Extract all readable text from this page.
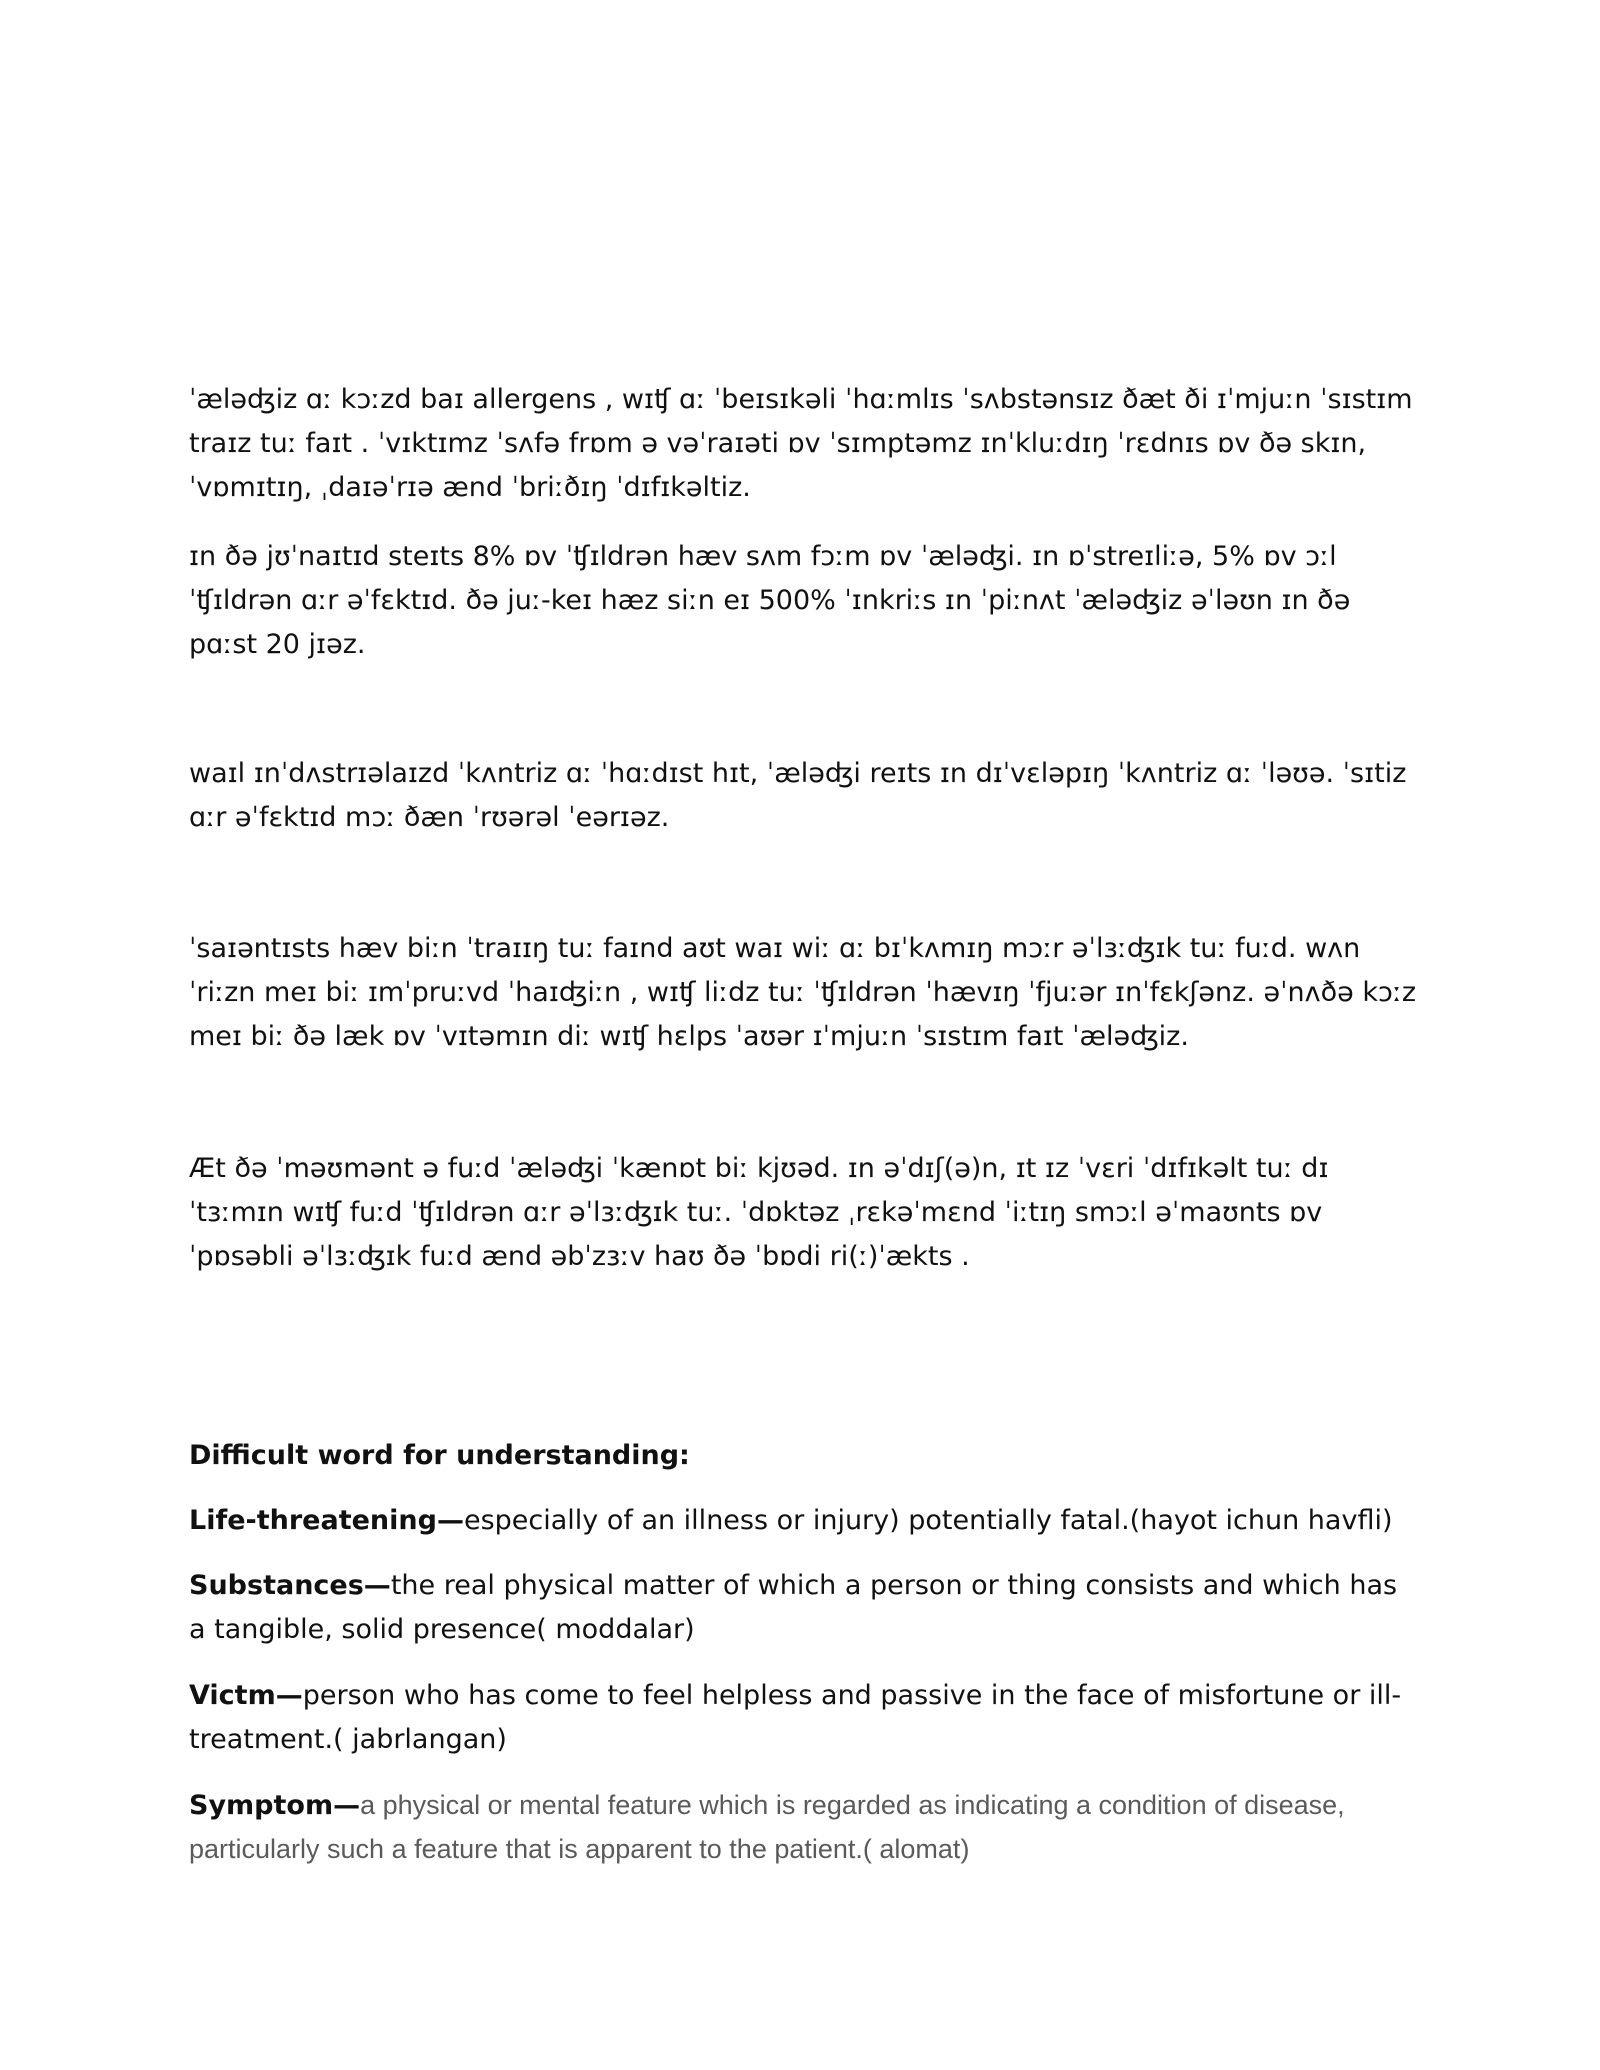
ˈæləʤiz ɑː kɔːzd baɪ allergens , wɪʧ ɑː ˈbeɪsɪkəli ˈhɑːmlɪs ˈsʌbstənsɪz ðæt ði ɪˈmjuːn ˈsɪstɪm traɪz tuː faɪt . ˈvɪktɪmz ˈsʌfə frɒm ə vəˈraɪəti ɒv ˈsɪmptəmz ɪnˈkluːdɪŋ ˈrɛdnɪs ɒv ðə skɪn, ˈvɒmɪtɪŋ, ˌdaɪəˈrɪə ænd ˈbriːðɪŋ ˈdɪfɪkəltiz.

ɪn ðə jʊˈnaɪtɪd steɪts 8% ɒv ˈʧɪldrən hæv sʌm fɔːm ɒv ˈæləʤi. ɪn ɒˈstreɪliːə, 5% ɒv ɔːl ˈʧɪldrən ɑːr əˈfɛktɪd. ðə juː-keɪ hæz siːn eɪ 500% ˈɪnkriːs ɪn ˈpiːnʌt ˈæləʤiz əˈləʊn ɪn ðə pɑːst 20 jɪəz.

waɪl ɪnˈdʌstrɪəlaɪzd ˈkʌntriz ɑː ˈhɑːdɪst hɪt, ˈæləʤi reɪts ɪn dɪˈvɛləpɪŋ ˈkʌntriz ɑː ˈləʊə. ˈsɪtiz ɑːr əˈfɛktɪd mɔː ðæn ˈrʊərəl ˈeərɪəz.

ˈsaɪəntɪsts hæv biːn ˈtraɪɪŋ tuː faɪnd aʊt waɪ wiː ɑː bɪˈkʌmɪŋ mɔːr əˈlɜːʤɪk tuː fuːd. wʌn ˈriːzn meɪ biː ɪmˈpruːvd ˈhaɪʤiːn , wɪʧ liːdz tuː ˈʧɪldrən ˈhævɪŋ ˈfjuːər ɪnˈfɛkʃənz. əˈnʌðə kɔːz meɪ biː ðə læk ɒv ˈvɪtəmɪn diː wɪʧ hɛlps ˈaʊər ɪˈmjuːn ˈsɪstɪm faɪt ˈæləʤiz.

Æt ðə ˈməʊmənt ə fuːd ˈæləʤi ˈkænɒt biː kjʊəd. ɪn əˈdɪʃ(ə)n, ɪt ɪz ˈvɛri ˈdɪfɪkəlt tuː dɪˈtɜːmɪn wɪʧ fuːd ˈʧɪldrən ɑːr əˈlɜːʤɪk tuː. ˈdɒktəz ˌrɛkəˈmɛnd ˈiːtɪŋ smɔːl əˈmaʊnts ɒv ˈpɒsəbli əˈlɜːʤɪk fuːd ænd əbˈzɜːv haʊ ðə ˈbɒdi ri(ː)ˈækts .

Difficult word for understanding:

Life-threatening—especially of an illness or injury) potentially fatal.(hayot ichun havfli)

Substances—the real physical matter of which a person or thing consists and which has a tangible, solid presence( moddalar)

Victm—person who has come to feel helpless and passive in the face of misfortune or ill-treatment.( jabrlangan)

Symptom—a physical or mental feature which is regarded as indicating a condition of disease, particularly such a feature that is apparent to the patient.( alomat)
